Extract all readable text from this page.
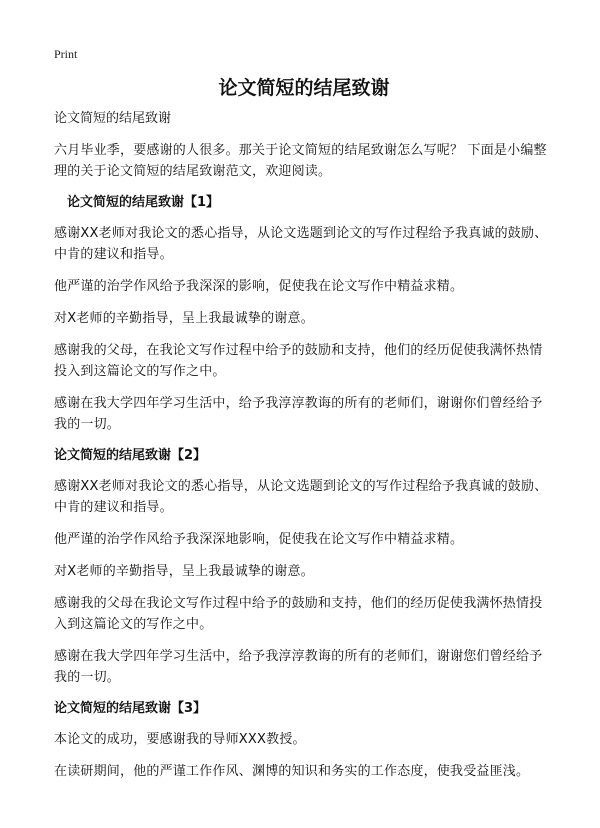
Print
论文简短的结尾致谢

论文简短的结尾致谢

六月毕业季，要感谢的人很多。那关于论文简短的结尾致谢怎么写呢？ 下面是小编整理的关于论文简短的结尾致谢范文，欢迎阅读。

论文简短的结尾致谢【1】

感谢XX老师对我论文的悉心指导，从论文选题到论文的写作过程给予我真诚的鼓励、中肯的建议和指导。

他严谨的治学作风给予我深深的影响，促使我在论文写作中精益求精。

对X老师的辛勤指导，呈上我最诚挚的谢意。

感谢我的父母，在我论文写作过程中给予的鼓励和支持，他们的经历促使我满怀热情投入到这篇论文的写作之中。

感谢在我大学四年学习生活中，给予我淳淳教诲的所有的老师们，谢谢你们曾经给予我的一切。

论文简短的结尾致谢【2】

感谢XX老师对我论文的悉心指导，从论文选题到论文的写作过程给予我真诚的鼓励、中肯的建议和指导。

他严谨的治学作风给予我深深地影响，促使我在论文写作中精益求精。

对X老师的辛勤指导，呈上我最诚挚的谢意。

感谢我的父母在我论文写作过程中给予的鼓励和支持，他们的经历促使我满怀热情投入到这篇论文的写作之中。

感谢在我大学四年学习生活中，给予我淳淳教诲的所有的老师们，谢谢您们曾经给予我的一切。

论文简短的结尾致谢【3】

本论文的成功，要感谢我的导师XXX教授。

在读研期间，他的严谨工作作风、渊博的知识和务实的工作态度，使我受益匪浅。
